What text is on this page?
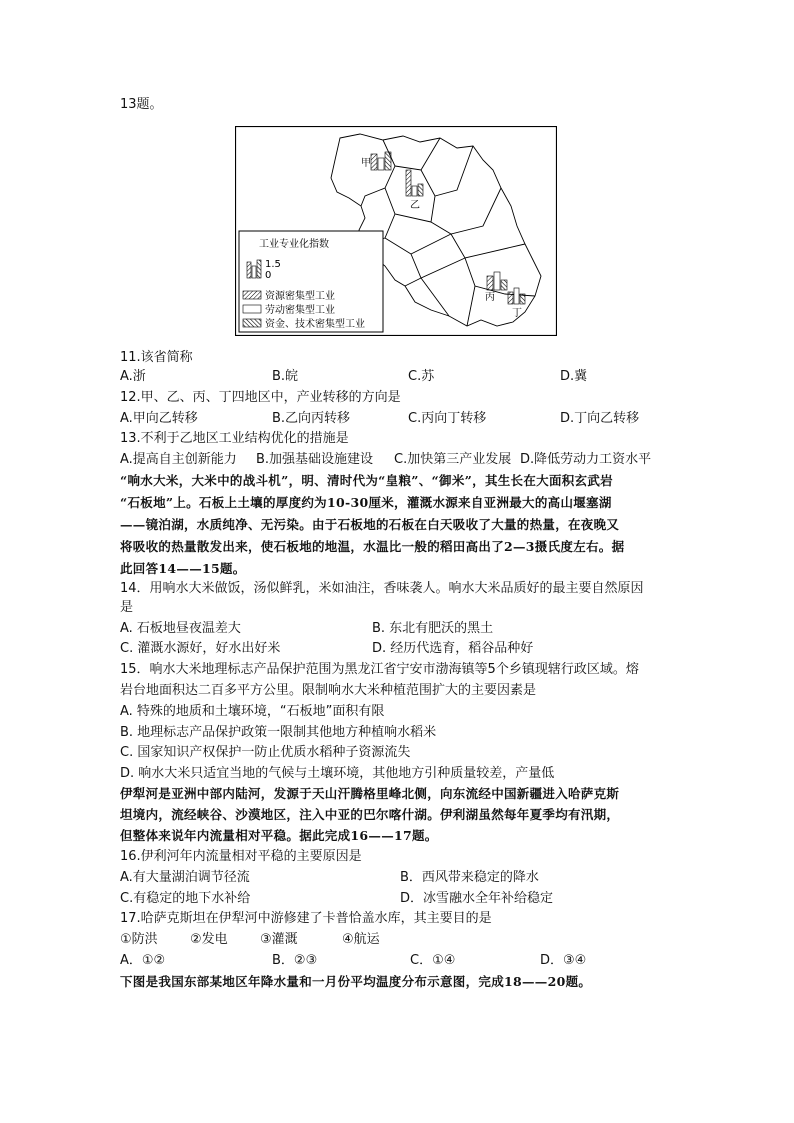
13题。
甲
乙
丙
丁
工业专业化指数
1.5
0
资源密集型工业
劳动密集型工业
资金、技术密集型工业
11.该省简称
A.浙	B.皖	C.苏	D.冀
12.甲、乙、丙、丁四地区中，产业转移的方向是
A.甲向乙转移	B.乙向丙转移	C.丙向丁转移	D.丁向乙转移
13.不利于乙地区工业结构优化的措施是
A.提高自主创新能力 B.加强基础设施建设 C.加快第三产业发展 D.降低劳动力工资水平
“响水大米，大米中的战斗机”，明、清时代为“皇粮”、“御米”，其生长在大面积玄武岩
“石板地”上。石板上土壤的厚度约为10-30厘米，灌溉水源来自亚洲最大的高山堰塞湖
——镜泊湖，水质纯净、无污染。由于石板地的石板在白天吸收了大量的热量，在夜晚又
将吸收的热量散发出来，使石板地的地温，水温比一般的稻田高出了2—3摄氏度左右。据
此回答14——15题。
14．用响水大米做饭，汤似鲜乳，米如油注，香味袭人。响水大米品质好的最主要自然原因
是
A. 石板地昼夜温差大	B. 东北有肥沃的黑土
C. 灌溉水源好，好水出好米	D. 经历代选育，稻谷品种好
15．响水大米地理标志产品保护范围为黑龙江省宁安市渤海镇等5个乡镇现辖行政区域。熔
岩台地面积达二百多平方公里。限制响水大米种植范围扩大的主要因素是
A. 特殊的地质和土壤环境，“石板地”面积有限
B. 地理标志产品保护政策一限制其他地方种植响水稻米
C. 国家知识产权保护一防止优质水稻种子资源流失
D. 响水大米只适宜当地的气候与土壤环境，其他地方引种质量较差，产量低
伊犁河是亚洲中部内陆河，发源于天山汗腾格里峰北侧，向东流经中国新疆进入哈萨克斯
坦境内，流经峡谷、沙漠地区，注入中亚的巴尔喀什湖。伊利湖虽然每年夏季均有汛期，
但整体来说年内流量相对平稳。据此完成16——17题。
16.伊利河年内流量相对平稳的主要原因是
A.有大量湖泊调节径流	B．西风带来稳定的降水
C.有稳定的地下水补给	D．冰雪融水全年补给稳定
17.哈萨克斯坦在伊犁河中游修建了卡普恰盖水库，其主要目的是
①防洪 ②发电 ③灌溉	④航运
A．①②	B．②③	C．①④	D．③④
下图是我国东部某地区年降水量和一月份平均温度分布示意图，完成18——20题。
